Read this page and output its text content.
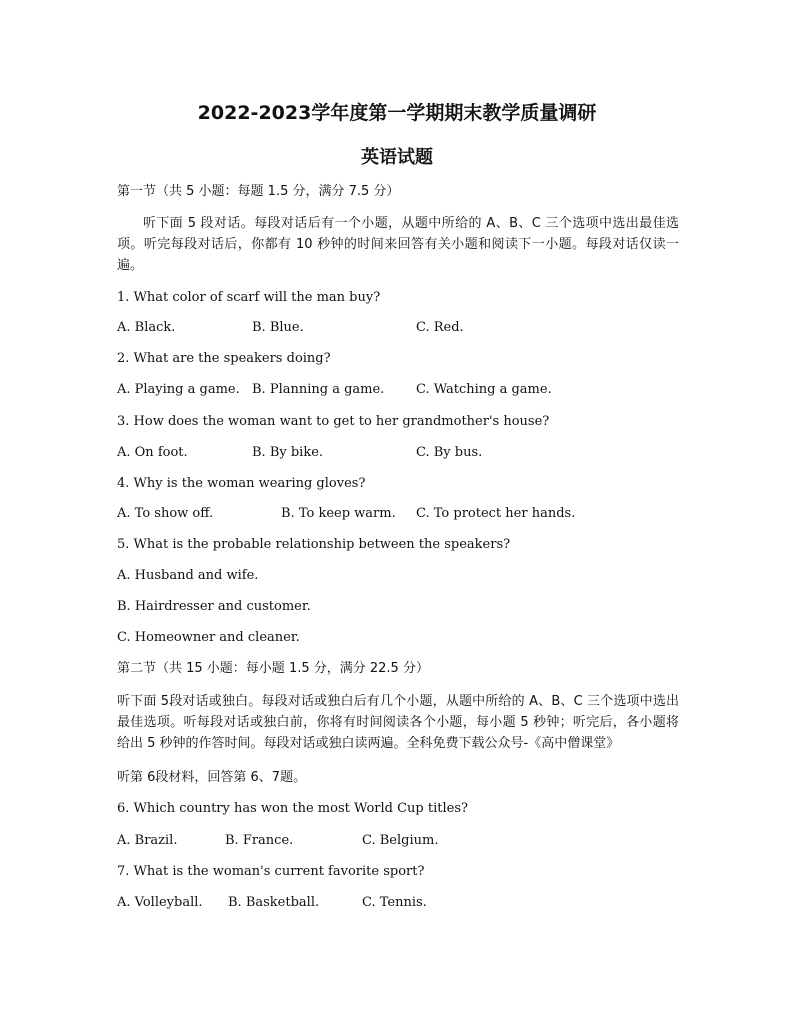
2022-2023学年度第一学期期末教学质量调研
英语试题
第一节（共 5 小题：每题 1.5 分，满分 7.5 分）
听下面 5 段对话。每段对话后有一个小题，从题中所给的 A、B、C 三个选项中选出最佳选项。听完每段对话后，你都有 10 秒钟的时间来回答有关小题和阅读下一小题。每段对话仅读一遍。
1. What color of scarf will the man buy?
A. Black.	B. Blue.	C. Red.
2. What are the speakers doing?
A. Playing a game. B. Planning a game. C. Watching a game.
3. How does the woman want to get to her grandmother's house?
A. On foot.	B. By bike.	C. By bus.
4. Why is the woman wearing gloves?
A. To show off.	B. To keep warm. C. To protect her hands.
5. What is the probable relationship between the speakers?
A. Husband and wife.
B. Hairdresser and customer.
C. Homeowner and cleaner.
第二节（共 15 小题：每小题 1.5 分，满分 22.5 分）
听下面 5段对话或独白。每段对话或独白后有几个小题，从题中所给的 A、B、C 三个选项中选出最佳选项。听每段对话或独白前，你将有时间阅读各个小题，每小题 5 秒钟；听完后，各小题将给出 5 秒钟的作答时间。每段对话或独白读两遍。全科免费下载公众号-《高中僧课堂》
听第 6段材料，回答第 6、7题。
6. Which country has won the most World Cup titles?
A. Brazil.	B. France.	C. Belgium.
7. What is the woman's current favorite sport?
A. Volleyball. B. Basketball.	C. Tennis.
